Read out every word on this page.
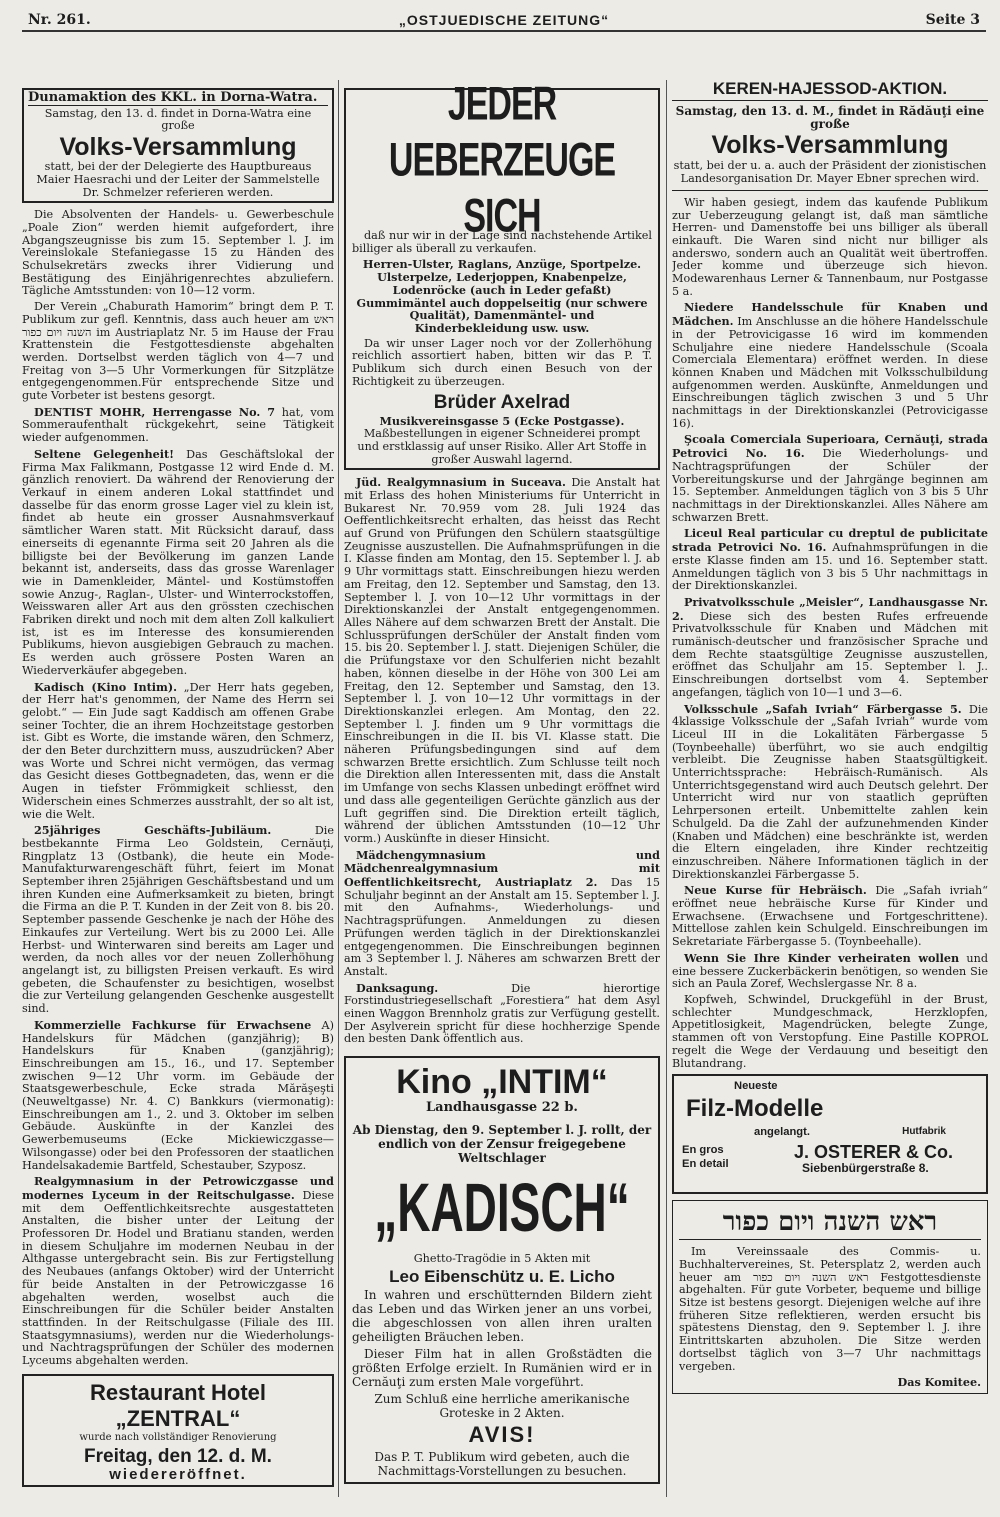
Nr. 261.	„OSTJUEDISCHE ZEITUNG“	Seite 3
Dunamaktion des KKL. in Dorna-Watra.
Samstag, den 13. d. findet in Dorna-Watra eine große
Volks-Versammlung
statt, bei der der Delegierte des Hauptbureaus Maier Haesrachi und der Leiter der Sammelstelle Dr. Schmelzer referieren werden.

Die Absolventen der Handels- u. Gewerbeschule „Poale Zion“ werden hiemit aufgefordert, ihre Abgangszeugnisse bis zum 15. September l. J. im Vereinslokale Stefaniegasse 15 zu Händen des Schulsekretärs zwecks ihrer Vidierung und Bestätigung des Einjährigenrechtes abzuliefern. Tägliche Amtsstunden: von 10—12 vorm.

Der Verein „Chaburath Hamorim“ bringt dem P. T. Publikum zur gefl. Kenntnis, dass auch heuer am ראש השנה ויום כפור im Austriaplatz Nr. 5 im Hause der Frau Krattenstein die Festgottesdienste abgehalten werden. Dortselbst werden täglich von 4—7 und Freitag von 3—5 Uhr Vormerkungen für Sitzplätze entgegengenommen.Für entsprechende Sitze und gute Vorbeter ist bestens gesorgt.

DENTIST MOHR, Herrengasse No. 7 hat, vom Sommeraufenthalt rückgekehrt, seine Tätigkeit wieder aufgenommen.

Seltene Gelegenheit! Das Geschäftslokal der Firma Max Falikmann, Postgasse 12 wird Ende d. M. gänzlich renoviert. Da während der Renovierung der Verkauf in einem anderen Lokal stattfindet und dasselbe für das enorm grosse Lager viel zu klein ist, findet ab heute ein grosser Ausnahmsverkauf sämtlicher Waren statt. Mit Rücksicht darauf, dass einerseits di egenannte Firma seit 20 Jahren als die billigste bei der Bevölkerung im ganzen Lande bekannt ist, anderseits, dass das grosse Warenlager wie in Damenkleider, Mäntel- und Kostümstoffen sowie Anzug-, Raglan-, Ulster- und Winterrockstoffen, Weisswaren aller Art aus den grössten czechischen Fabriken direkt und noch mit dem alten Zoll kalkuliert ist, ist es im Interesse des konsumierenden Publikums, hievon ausgiebigen Gebrauch zu machen. Es werden auch grössere Posten Waren an Wiederverkäufer abgegeben.

Kadisch (Kino Intim). „Der Herr hats gegeben, der Herr hat's genommen, der Name des Herrn sei gelobt.“ — Ein Jude sagt Kaddisch am offenen Grabe seiner Tochter, die an ihrem Hochzeitstage gestorben ist. Gibt es Worte, die imstande wären, den Schmerz, der den Beter durchzittern muss, auszudrücken? Aber was Worte und Schrei nicht vermögen, das vermag das Gesicht dieses Gottbegnadeten, das, wenn er die Augen in tiefster Frömmigkeit schliesst, den Widerschein eines Schmerzes ausstrahlt, der so alt ist, wie die Welt.

25jähriges Geschäfts-Jubiläum.	Die bestbekannte Firma Leo Goldstein, Cernăuţi, Ringplatz 13 (Ostbank), die heute ein Mode-Manufakturwarengeschäft führt, feiert im Monat September ihren 25jährigen Geschäftsbestand und um ihren Kunden eine Aufmerksamkeit zu bieten, bringt die Firma an die P. T. Kunden in der Zeit von 8. bis 20. September passende Geschenke je nach der Höhe des Einkaufes zur Verteilung. Wert bis zu 2000 Lei. Alle Herbst- und Winterwaren sind bereits am Lager und werden, da noch alles vor der neuen Zollerhöhung angelangt ist, zu billigsten Preisen verkauft. Es wird gebeten, die Schaufenster zu besichtigen, woselbst die zur Verteilung gelangenden Geschenke ausgestellt sind.

Kommerzielle Fachkurse für Erwachsene A) Handelskurs für Mädchen (ganzjährig); B) Handelskurs für Knaben (ganzjährig); Einschreibungen am 15., 16., und 17. September zwischen 9—12 Uhr vorm. im Gebäude der Staatsgewerbeschule, Ecke strada Mărăşeşti (Neuweltgasse) Nr. 4. C) Bankkurs (viermonatig): Einschreibungen am 1., 2. und 3. Oktober im selben Gebäude. Auskünfte in der Kanzlei des Gewerbemuseums (Ecke Mickiewiczgasse—Wilsongasse) oder bei den Professoren der staatlichen Handelsakademie Bartfeld, Schestauber, Szyposz.

Realgymnasium in der Petrowiczgasse und modernes Lyceum in der Reitschulgasse. Diese mit dem Oeffentlichkeitsrechte ausgestatteten Anstalten, die bisher unter der Leitung der Professoren Dr. Hodel und Bratianu standen, werden in diesem Schuljahre im modernen Neubau in der Althgasse untergebracht sein. Bis zur Fertigstellung des Neubaues (anfangs Oktober) wird der Unterricht für beide Anstalten in der Petrowiczgasse 16 abgehalten werden, woselbst auch die Einschreibungen für die Schüler beider Anstalten stattfinden. In der Reitschulgasse (Filiale des III. Staatsgymnasiums), werden nur die Wiederholungs- und Nachtragsprüfungen der Schüler des modernen Lyceums abgehalten werden.

Restaurant Hotel „ZENTRAL“
wurde nach vollständiger Renovierung
Freitag, den 12. d. M.
wiedereröffnet.
JEDER UEBERZEUGE SICH

daß nur wir in der Lage sind nachstehende Artikel billiger als überall zu verkaufen.

Herren-Ulster, Raglans, Anzüge, Sportpelze. Ulsterpelze, Lederjoppen, Knabenpelze, Lodenröcke (auch in Leder gefaßt) Gummimäntel auch doppelseitig (nur schwere Qualität), Damenmäntel- und Kinderbekleidung usw. usw.

Da wir unser Lager noch vor der Zollerhöhung reichlich assortiert haben, bitten wir das P. T. Publikum sich durch einen Besuch von der Richtigkeit zu überzeugen.

Brüder Axelrad
Musikvereinsgasse 5 (Ecke Postgasse).
Maßbestellungen in eigener Schneiderei prompt und erstklassig auf unser Risiko. Aller Art Stoffe in großer Auswahl lagernd.

Jüd. Realgymnasium in Suceava. Die Anstalt hat mit Erlass des hohen Ministeriums für Unterricht in Bukarest Nr. 70.959 vom 28. Juli 1924 das Oeffentlichkeitsrecht erhalten, das heisst das Recht auf Grund von Prüfungen den Schülern staatsgültige Zeugnisse auszustellen. Die Aufnahmsprüfungen in die I. Klasse finden am Montag, den 15. September l. J. ab 9 Uhr vormittags statt. Einschreibungen hiezu werden am Freitag, den 12. September und Samstag, den 13. September l. J. von 10—12 Uhr vormittags in der Direktionskanzlei der Anstalt entgegengenommen. Alles Nähere auf dem schwarzen Brett der Anstalt. Die Schlussprüfungen derSchüler der Anstalt finden vom 15. bis 20. September l. J. statt. Diejenigen Schüler, die die Prüfungstaxe vor den Schulferien nicht bezahlt haben, können dieselbe in der Höhe von 300 Lei am Freitag, den 12. September und Samstag, den 13. September l. J. von 10—12 Uhr vormittags in der Direktionskanzlei erlegen. Am Montag, den 22. September l. J. finden um 9 Uhr vormittags die Einschreibungen in die II. bis VI. Klasse statt. Die näheren Prüfungsbedingungen sind auf dem schwarzen Brette ersichtlich. Zum Schlusse teilt noch die Direktion allen Interessenten mit, dass die Anstalt im Umfange von sechs Klassen unbedingt eröffnet wird und dass alle gegenteiligen Gerüchte gänzlich aus der Luft gegriffen sind. Die Direktion erteilt täglich, während der üblichen Amtsstunden (10—12 Uhr vorm.) Auskünfte in dieser Hinsicht.

Mädchengymnasium und Mädchenrealgymnasium mit Oeffentlichkeitsrecht, Austriaplatz 2. Das 15 Schuljahr beginnt an der Anstalt am 15. September l. J. mit den Aufnahms-, Wiederholungs- und Nachtragsprüfungen. Anmeldungen zu diesen Prüfungen werden täglich in der Direktionskanzlei entgegengenommen. Die Einschreibungen beginnen am 3 September l. J. Näheres am schwarzen Brett der Anstalt.

Danksagung.	Die hierortige Forstindustriegesellschaft „Forestiera“ hat dem Asyl einen Waggon Brennholz gratis zur Verfügung gestellt. Der Asylverein spricht für diese hochherzige Spende den besten Dank öffentlich aus.

Kino „INTIM“
Landhausgasse 22 b.
Ab Dienstag, den 9. September l. J. rollt, der endlich von der Zensur freigegebene Weltschlager
„KADISCH“
Ghetto-Tragödie in 5 Akten mit
Leo Eibenschütz u. E. Licho

In wahren und erschütternden Bildern zieht das Leben und das Wirken jener an uns vorbei, die abgeschlossen von allen ihren uralten geheiligten Bräuchen leben.

Dieser Film hat in allen Großstädten die größten Erfolge erzielt. In Rumänien wird er in Cernăuţi zum ersten Male vorgeführt.

Zum Schluß eine herrliche amerikanische Groteske in 2 Akten.
AVIS!
Das P. T. Publikum wird gebeten, auch die Nachmittags-Vorstellungen zu besuchen.
KEREN-HAJESSOD-AKTION.
Samstag, den 13. d. M., findet in Rădăuţi eine große
Volks-Versammlung
statt, bei der u. a. auch der Präsident der zionistischen Landesorganisation Dr. Mayer Ebner sprechen wird.

Wir haben gesiegt, indem das kaufende Publikum zur Ueberzeugung gelangt ist, daß man sämtliche Herren- und Damenstoffe bei uns billiger als überall einkauft. Die Waren sind nicht nur billiger als anderswo, sondern auch an Qualität weit übertroffen. Jeder komme und überzeuge sich hievon. Modewarenhaus Lerner & Tannenbaum, nur Postgasse 5 a.

Niedere Handelsschule für Knaben und Mädchen. Im Anschlusse an die höhere Handelsschule in der Petrovicigasse 16 wird im kommenden Schuljahre eine niedere Handelsschule (Scoala Comerciala Elementara) eröffnet werden. In diese können Knaben und Mädchen mit Volksschulbildung aufgenommen werden. Auskünfte, Anmeldungen und Einschreibungen täglich zwischen 3 und 5 Uhr nachmittags in der Direktionskanzlei (Petrovicigasse 16).

Şcoala Comerciala Superioara, Cernăuţi, strada Petrovici No. 16. Die Wiederholungs- und Nachtragsprüfungen der Schüler der Vorbereitungskurse und der Jahrgänge beginnen am 15. September. Anmeldungen täglich von 3 bis 5 Uhr nachmittags in der Direktionskanzlei. Alles Nähere am schwarzen Brett.

Liceul Real particular cu dreptul de publicitate strada Petrovici No. 16. Aufnahmsprüfungen in die erste Klasse finden am 15. und 16. September statt. Anmeldungen täglich von 3 bis 5 Uhr nachmittags in der Direktionskanzlei.

Privatvolksschule „Meisler“, Landhausgasse Nr. 2. Diese sich des besten Rufes erfreuende Privatvolksschule für Knaben und Mädchen mit rumänisch-deutscher und französischer Sprache und dem Rechte staatsgültige Zeugnisse auszustellen, eröffnet das Schuljahr am 15. September l. J.. Einschreibungen dortselbst vom 4. September angefangen, täglich von 10—1 und 3—6.

Volksschule „Safah Ivriah“ Färbergasse 5. Die 4klassige Volksschule der „Safah Ivriah“ wurde vom Liceul III in die Lokalitäten Färbergasse 5 (Toynbeehalle) überführt, wo sie auch endgiltig verbleibt. Die Zeugnisse haben Staatsgültigkeit. Unterrichtssprache: Hebräisch-Rumänisch. Als Unterrichtsgegenstand wird auch Deutsch gelehrt. Der Unterricht wird nur von staatlich geprüften Lehrpersonen erteilt. Unbemittelte zahlen kein Schulgeld. Da die Zahl der aufzunehmenden Kinder (Knaben und Mädchen) eine beschränkte ist, werden die Eltern eingeladen, ihre Kinder rechtzeitig einzuschreiben. Nähere Informationen täglich in der Direktionskanzlei Färbergasse 5.

Neue Kurse für Hebräisch. Die „Safah ivriah“ eröffnet neue hebräische Kurse für Kinder und Erwachsene. (Erwachsene und Fortgeschrittene). Mittellose zahlen kein Schulgeld. Einschreibungen im Sekretariate Färbergasse 5. (Toynbeehalle).

Wenn Sie Ihre Kinder verheiraten wollen und eine bessere Zuckerbäckerin benötigen, so wenden Sie sich an Paula Zoref, Wechslergasse Nr. 8 a.

Kopfweh, Schwindel, Druckgefühl in der Brust, schlechter Mundgeschmack, Herzklopfen, Appetitlosigkeit, Magendrücken, belegte Zunge, stammen oft von Verstopfung. Eine Pastille KOPROL regelt die Wege der Verdauung und beseitigt den Blutandrang.

Neueste
Filz-Modelle
angelangt.	Hutfabrik
En gros
En detail
J. OSTERER & Co.
Siebenbürgerstraße 8.
ראש השנה ויום כפור

Im Vereinssaale des Commis- u. Buchhaltervereines, St. Petersplatz 2, werden auch heuer am ראש השנה ויום כפור Festgottesdienste abgehalten. Für gute Vorbeter, bequeme und billige Sitze ist bestens gesorgt. Diejenigen welche auf ihre früheren Sitze reflektieren, werden ersucht bis spätestens Dienstag, den 9. September l. J. ihre Eintrittskarten abzuholen. Die Sitze werden dortselbst täglich von 3—7 Uhr nachmittags vergeben.

Das Komitee.
